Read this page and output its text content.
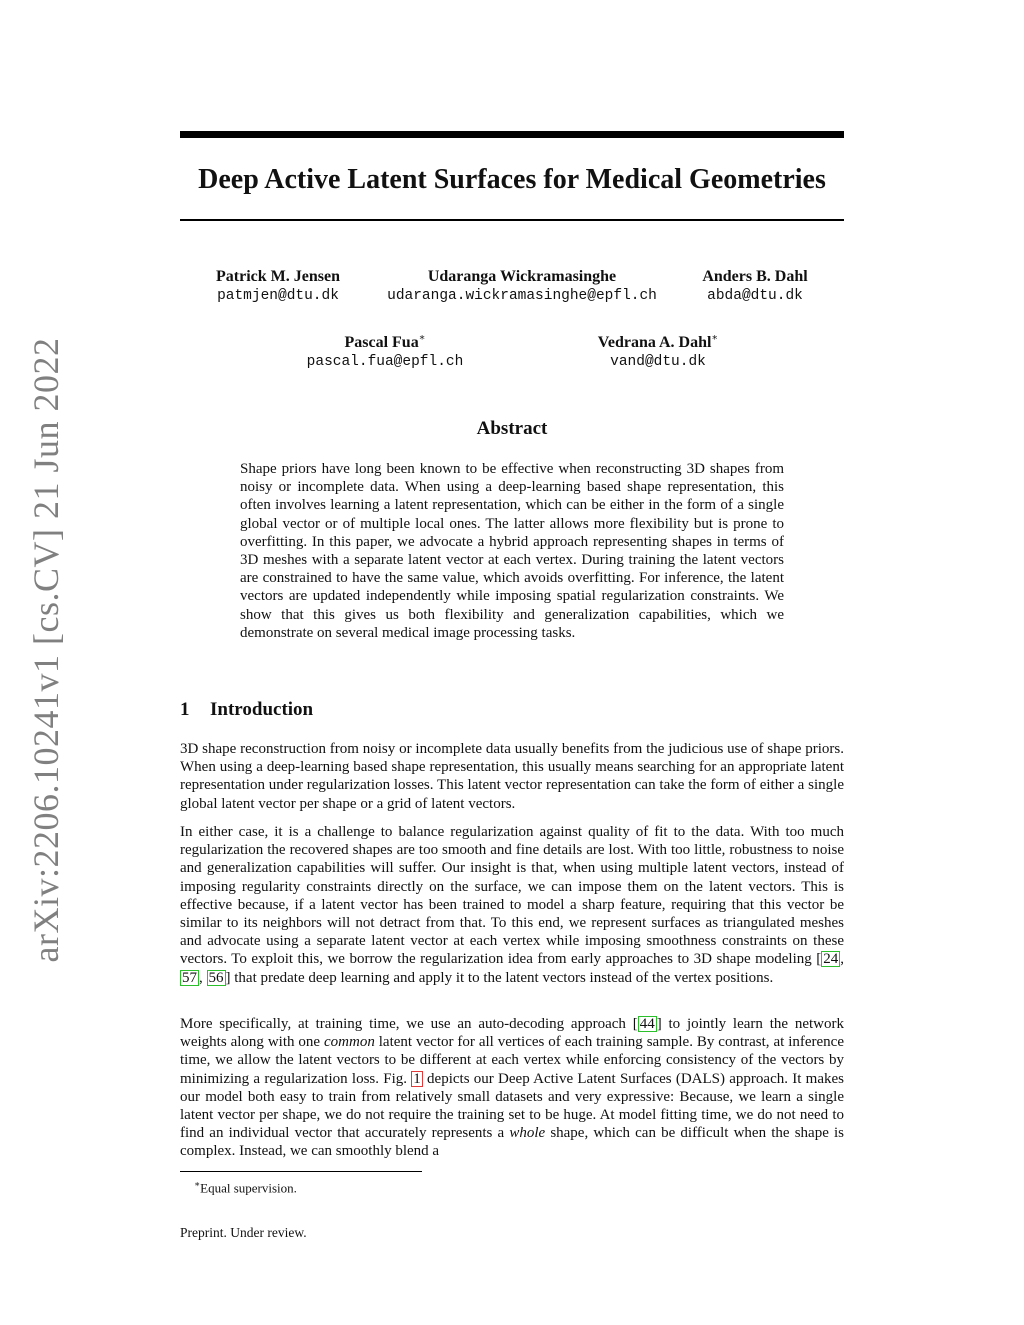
arXiv:2206.10241v1 [cs.CV] 21 Jun 2022
Deep Active Latent Surfaces for Medical Geometries
Patrick M. Jensen
patmjen@dtu.dk
Udaranga Wickramasinghe
udaranga.wickramasinghe@epfl.ch
Anders B. Dahl
abda@dtu.dk
Pascal Fua∗
pascal.fua@epfl.ch
Vedrana A. Dahl∗
vand@dtu.dk
Abstract
Shape priors have long been known to be effective when reconstructing 3D shapes from noisy or incomplete data. When using a deep-learning based shape representation, this often involves learning a latent representation, which can be either in the form of a single global vector or of multiple local ones. The latter allows more flexibility but is prone to overfitting. In this paper, we advocate a hybrid approach representing shapes in terms of 3D meshes with a separate latent vector at each vertex. During training the latent vectors are constrained to have the same value, which avoids overfitting. For inference, the latent vectors are updated independently while imposing spatial regularization constraints. We show that this gives us both flexibility and generalization capabilities, which we demonstrate on several medical image processing tasks.
1 Introduction

3D shape reconstruction from noisy or incomplete data usually benefits from the judicious use of shape priors. When using a deep-learning based shape representation, this usually means searching for an appropriate latent representation under regularization losses. This latent vector representation can take the form of either a single global latent vector per shape or a grid of latent vectors.

In either case, it is a challenge to balance regularization against quality of fit to the data. With too much regularization the recovered shapes are too smooth and fine details are lost. With too little, robustness to noise and generalization capabilities will suffer. Our insight is that, when using multiple latent vectors, instead of imposing regularity constraints directly on the surface, we can impose them on the latent vectors. This is effective because, if a latent vector has been trained to model a sharp feature, requiring that this vector be similar to its neighbors will not detract from that. To this end, we represent surfaces as triangulated meshes and advocate using a separate latent vector at each vertex while imposing smoothness constraints on these vectors. To exploit this, we borrow the regularization idea from early approaches to 3D shape modeling [ 24 , 57 , 56 ] that predate deep learning and apply it to the latent vectors instead of the vertex positions.

More specifically, at training time, we use an auto-decoding approach [ 44 ] to jointly learn the network weights along with one common latent vector for all vertices of each training sample. By contrast, at inference time, we allow the latent vectors to be different at each vertex while enforcing consistency of the vectors by minimizing a regularization loss. Fig. 1 depicts our Deep Active Latent Surfaces (DALS) approach. It makes our model both easy to train from relatively small datasets and very expressive: Because, we learn a single latent vector per shape, we do not require the training set to be huge. At model fitting time, we do not need to find an individual vector that accurately represents a whole shape, which can be difficult when the shape is complex. Instead, we can smoothly blend a

∗Equal supervision.
Preprint. Under review.
